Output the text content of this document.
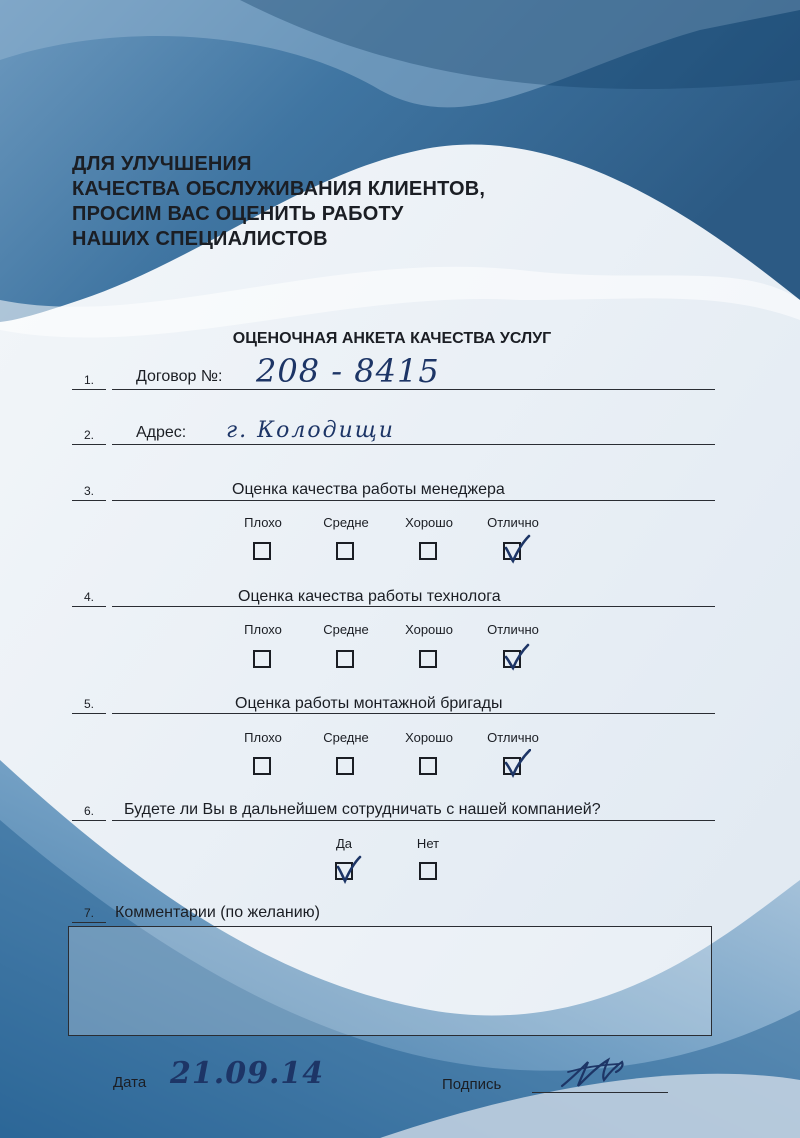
ДЛЯ УЛУЧШЕНИЯ
КАЧЕСТВА ОБСЛУЖИВАНИЯ КЛИЕНТОВ,
ПРОСИМ ВАС ОЦЕНИТЬ РАБОТУ
НАШИХ СПЕЦИАЛИСТОВ
ОЦЕНОЧНАЯ АНКЕТА КАЧЕСТВА УСЛУГ
1.	Договор №: 208 - 8415
2.	Адрес: г. Колодищи
3.	Оценка качества работы менеджера
Плохо	Средне	Хорошо	Отлично
4.	Оценка качества работы технолога
Плохо	Средне	Хорошо	Отлично
5.	Оценка работы монтажной бригады
Плохо	Средне	Хорошо	Отлично
6. Будете ли Вы в дальнейшем сотрудничать с нашей компанией?
Да	Нет
7. Комментарии (по желанию)
Дата 21.09.14	Подпись
